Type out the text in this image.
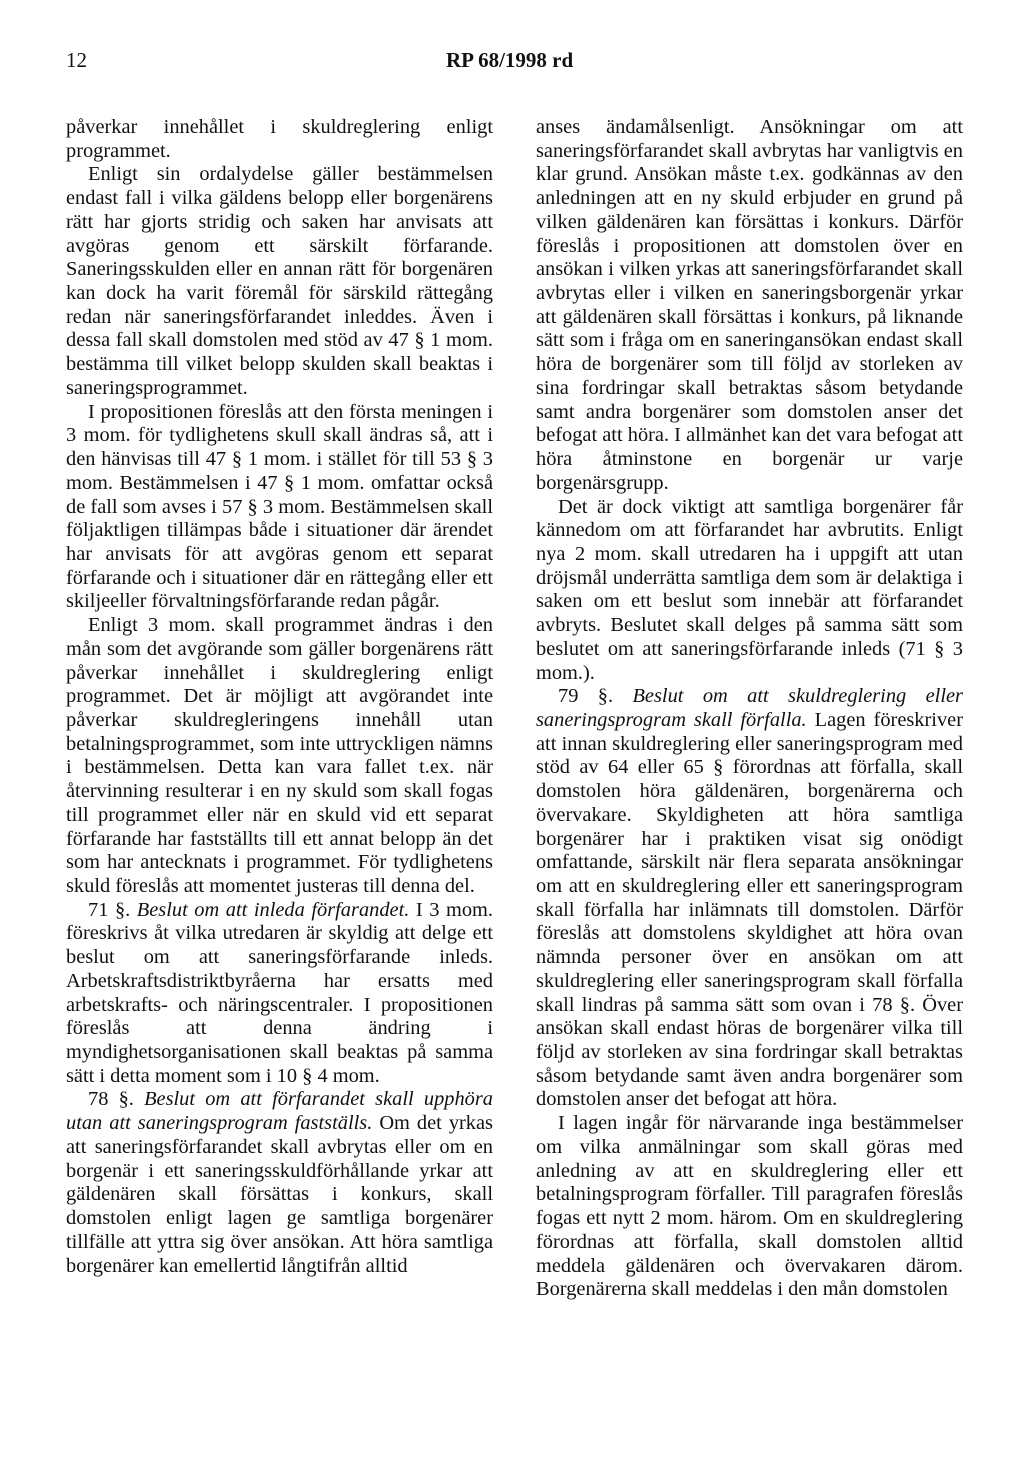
12	RP 68/1998 rd

påverkar innehållet i skuldreglering enligt programmet.

Enligt sin ordalydelse gäller bestämmelsen endast fall i vilka gäldens belopp eller borgenärens rätt har gjorts stridig och saken har anvisats att avgöras genom ett särskilt förfarande. Saneringsskulden eller en annan rätt för borgenären kan dock ha varit föremål för särskild rättegång redan när saneringsförfarandet inleddes. Även i dessa fall skall domstolen med stöd av 47 § 1 mom. bestämma till vilket belopp skulden skall beaktas i saneringsprogrammet.

I propositionen föreslås att den första meningen i 3 mom. för tydlighetens skull skall ändras så, att i den hänvisas till 47 § 1 mom. i stället för till 53 § 3 mom. Bestämmelsen i 47 § 1 mom. omfattar också de fall som avses i 57 § 3 mom. Bestämmelsen skall följaktligen tillämpas både i situationer där ärendet har anvisats för att avgöras genom ett separat förfarande och i situationer där en rättegång eller ett skiljeeller förvaltningsförfarande redan pågår.

Enligt 3 mom. skall programmet ändras i den mån som det avgörande som gäller borgenärens rätt påverkar innehållet i skuldreglering enligt programmet. Det är möjligt att avgörandet inte påverkar skuldregleringens innehåll utan betalningsprogrammet, som inte uttryckligen nämns i bestämmelsen. Detta kan vara fallet t.ex. när återvinning resulterar i en ny skuld som skall fogas till programmet eller när en skuld vid ett separat förfarande har fastställts till ett annat belopp än det som har antecknats i programmet. För tydlighetens skuld föreslås att momentet justeras till denna del.

71 §. Beslut om att inleda förfarandet. I 3 mom. föreskrivs åt vilka utredaren är skyldig att delge ett beslut om att saneringsförfarande inleds. Arbetskraftsdistriktbyråerna har ersatts med arbetskrafts- och näringscentraler. I propositionen föreslås att denna ändring i myndighetsorganisationen skall beaktas på samma sätt i detta moment som i 10 § 4 mom.

78 §. Beslut om att förfarandet skall upphöra utan att saneringsprogram fastställs. Om det yrkas att saneringsförfarandet skall avbrytas eller om en borgenär i ett saneringsskuldförhållande yrkar att gäldenären skall försättas i konkurs, skall domstolen enligt lagen ge samtliga borgenärer tillfälle att yttra sig över ansökan. Att höra samtliga borgenärer kan emellertid långtifrån alltid

anses ändamålsenligt. Ansökningar om att saneringsförfarandet skall avbrytas har vanligtvis en klar grund. Ansökan måste t.ex. godkännas av den anledningen att en ny skuld erbjuder en grund på vilken gäldenären kan försättas i konkurs. Därför föreslås i propositionen att domstolen över en ansökan i vilken yrkas att saneringsförfarandet skall avbrytas eller i vilken en saneringsborgenär yrkar att gäldenären skall försättas i konkurs, på liknande sätt som i fråga om en saneringansökan endast skall höra de borgenärer som till följd av storleken av sina fordringar skall betraktas såsom betydande samt andra borgenärer som domstolen anser det befogat att höra. I allmänhet kan det vara befogat att höra åtminstone en borgenär ur varje borgenärsgrupp.

Det är dock viktigt att samtliga borgenärer får kännedom om att förfarandet har avbrutits. Enligt nya 2 mom. skall utredaren ha i uppgift att utan dröjsmål underrätta samtliga dem som är delaktiga i saken om ett beslut som innebär att förfarandet avbryts. Beslutet skall delges på samma sätt som beslutet om att saneringsförfarande inleds (71 § 3 mom.).

79 §. Beslut om att skuldreglering eller saneringsprogram skall förfalla. Lagen föreskriver att innan skuldreglering eller saneringsprogram med stöd av 64 eller 65 § förordnas att förfalla, skall domstolen höra gäldenären, borgenärerna och övervakare. Skyldigheten att höra samtliga borgenärer har i praktiken visat sig onödigt omfattande, särskilt när flera separata ansökningar om att en skuldreglering eller ett saneringsprogram skall förfalla har inlämnats till domstolen. Därför föreslås att domstolens skyldighet att höra ovan nämnda personer över en ansökan om att skuldreglering eller saneringsprogram skall förfalla skall lindras på samma sätt som ovan i 78 §. Över ansökan skall endast höras de borgenärer vilka till följd av storleken av sina fordringar skall betraktas såsom betydande samt även andra borgenärer som domstolen anser det befogat att höra.

I lagen ingår för närvarande inga bestämmelser om vilka anmälningar som skall göras med anledning av att en skuldreglering eller ett betalningsprogram förfaller. Till paragrafen föreslås fogas ett nytt 2 mom. härom. Om en skuldreglering förordnas att förfalla, skall domstolen alltid meddela gäldenären och övervakaren därom. Borgenärerna skall meddelas i den mån domstolen
